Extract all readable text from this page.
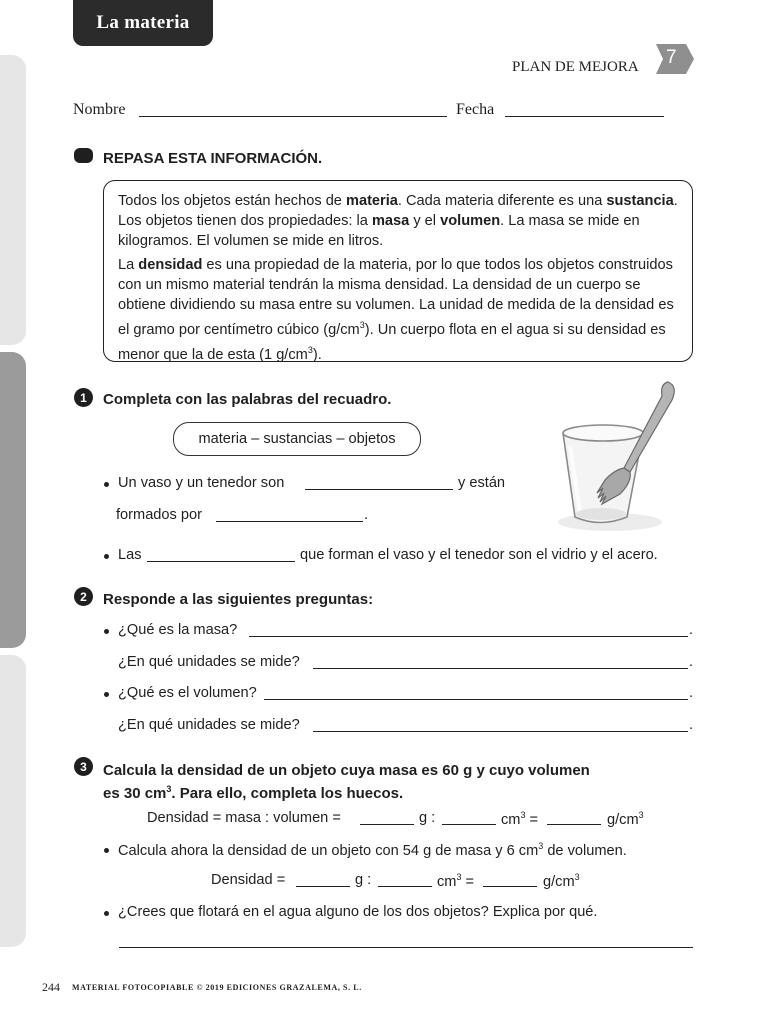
La materia
PLAN DE MEJORA 7
Nombre	Fecha
REPASA ESTA INFORMACIÓN.

Todos los objetos están hechos de materia. Cada materia diferente es una sustancia. Los objetos tienen dos propiedades: la masa y el volumen. La masa se mide en kilogramos. El volumen se mide en litros.

La densidad es una propiedad de la materia, por lo que todos los objetos construidos con un mismo material tendrán la misma densidad. La densidad de un cuerpo se obtiene dividiendo su masa entre su volumen. La unidad de medida de la densidad es el gramo por centímetro cúbico $(g/cm^3)$. Un cuerpo flota en el agua si su densidad es menor que la de esta (1 $g/cm^3$).

1	Completa con las palabras del recuadro.
materia – sustancias – objetos
Un vaso y un tenedor son	y están
formados por	.
Las	que forman el vaso y el tenedor son el vidrio y el acero.
2	Responde a las siguientes preguntas:
¿Qué es la masa?	.
¿En qué unidades se mide?	.
¿Qué es el volumen?	.
¿En qué unidades se mide?	.
3	Calcula la densidad de un objeto cuya masa es 60 g y cuyo volumen
es 30 $cm^3$. Para ello, completa los huecos.
Densidad = masa : volumen =	g :	$cm^3$ =	$g/cm^3$
Calcula ahora la densidad de un objeto con 54 g de masa y 6 $cm^3$ de volumen.
Densidad =	g :	$cm^3$ =	$g/cm^3$
¿Crees que flotará en el agua alguno de los dos objetos? Explica por qué.
244 MATERIAL FOTOCOPIABLE © 2019 EDICIONES GRAZALEMA, S. L.
